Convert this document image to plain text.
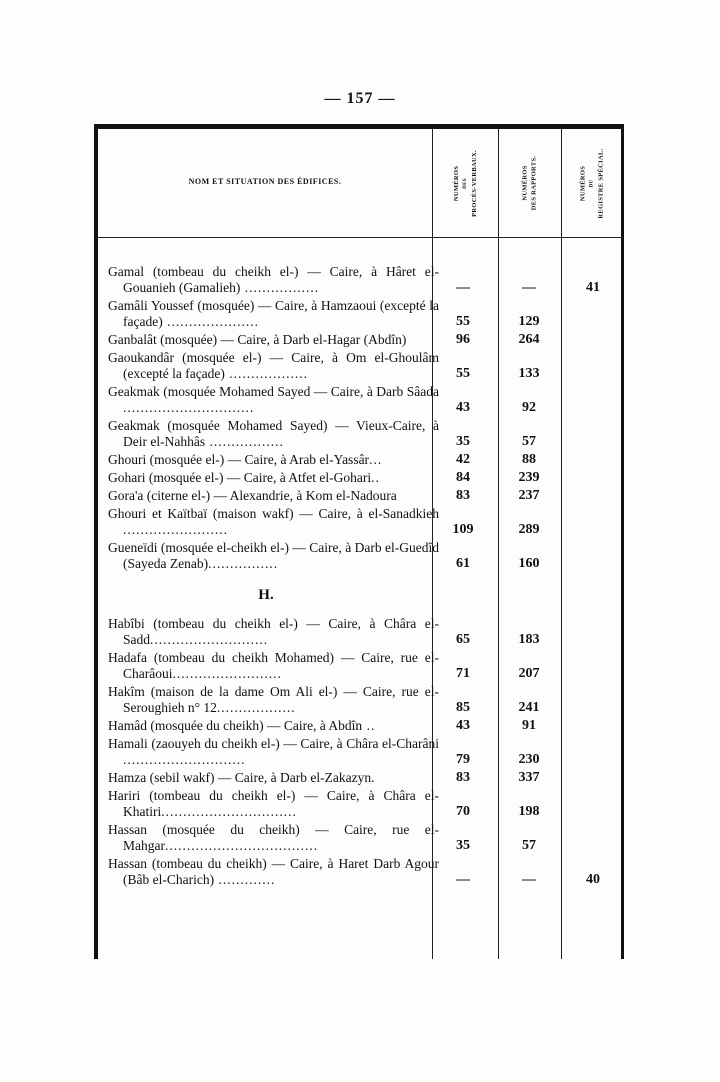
— 157 —
NOM ET SITUATION DES ÉDIFICES.	NUMÉROS DES PROCÈS-VERBAUX.	NUMÉROS DES RAPPORTS.	NUMÉROS DU REGISTRE SPÉCIAL.
Gamal (tombeau du cheikh el-) — Caire, à Hâret el-Gouanieh (Gamalieh) .................	—	—	41
Gamâli Youssef (mosquée) — Caire, à Hamzaoui (excepté la façade) .....................	55	129
Ganbalât (mosquée) — Caire, à Darb el-Hagar (Abdîn)	96	264
Gaoukandâr (mosquée el-) — Caire, à Om el-Ghoulâm (excepté la façade) ..................	55	133
Geakmak (mosquée Mohamed Sayed — Caire, à Darb Sâada ..............................	43	92
Geakmak (mosquée Mohamed Sayed) — Vieux-Caire, à Deir el-Nahhâs .................	35	57
Ghouri (mosquée el-) — Caire, à Arab el-Yassâr...	42	88
Gohari (mosquée el-) — Caire, à Atfet el-Gohari..	84	239
Gora'a (citerne el-) — Alexandrie, à Kom el-Nadoura	83	237
Ghouri et Kaïtbaï (maison wakf) — Caire, à el-Sanadkieh ........................	109	289
Gueneïdi (mosquée el-cheikh el-) — Caire, à Darb el-Guedîd (Sayeda Zenab)................	61	160
H.
Habîbi (tombeau du cheikh el-) — Caire, à Châra el-Sadd...........................	65	183
Hadafa (tombeau du cheikh Mohamed) — Caire, rue el-Charâoui.........................	71	207
Hakîm (maison de la dame Om Ali el-) — Caire, rue el-Seroughieh n° 12..................	85	241
Hamâd (mosquée du cheikh) — Caire, à Abdîn ..	43	91
Hamali (zaouyeh du cheikh el-) — Caire, à Châra el-Charâni ............................	79	230
Hamza (sebil wakf) — Caire, à Darb el-Zakazyn.	83	337
Hariri (tombeau du cheikh el-) — Caire, à Châra el-Khatiri...............................	70	198
Hassan (mosquée du cheikh) — Caire, rue el-Mahgar...................................	35	57
Hassan (tombeau du cheikh) — Caire, à Haret Darb Agour (Bâb el-Charich) .............	—	—	40
